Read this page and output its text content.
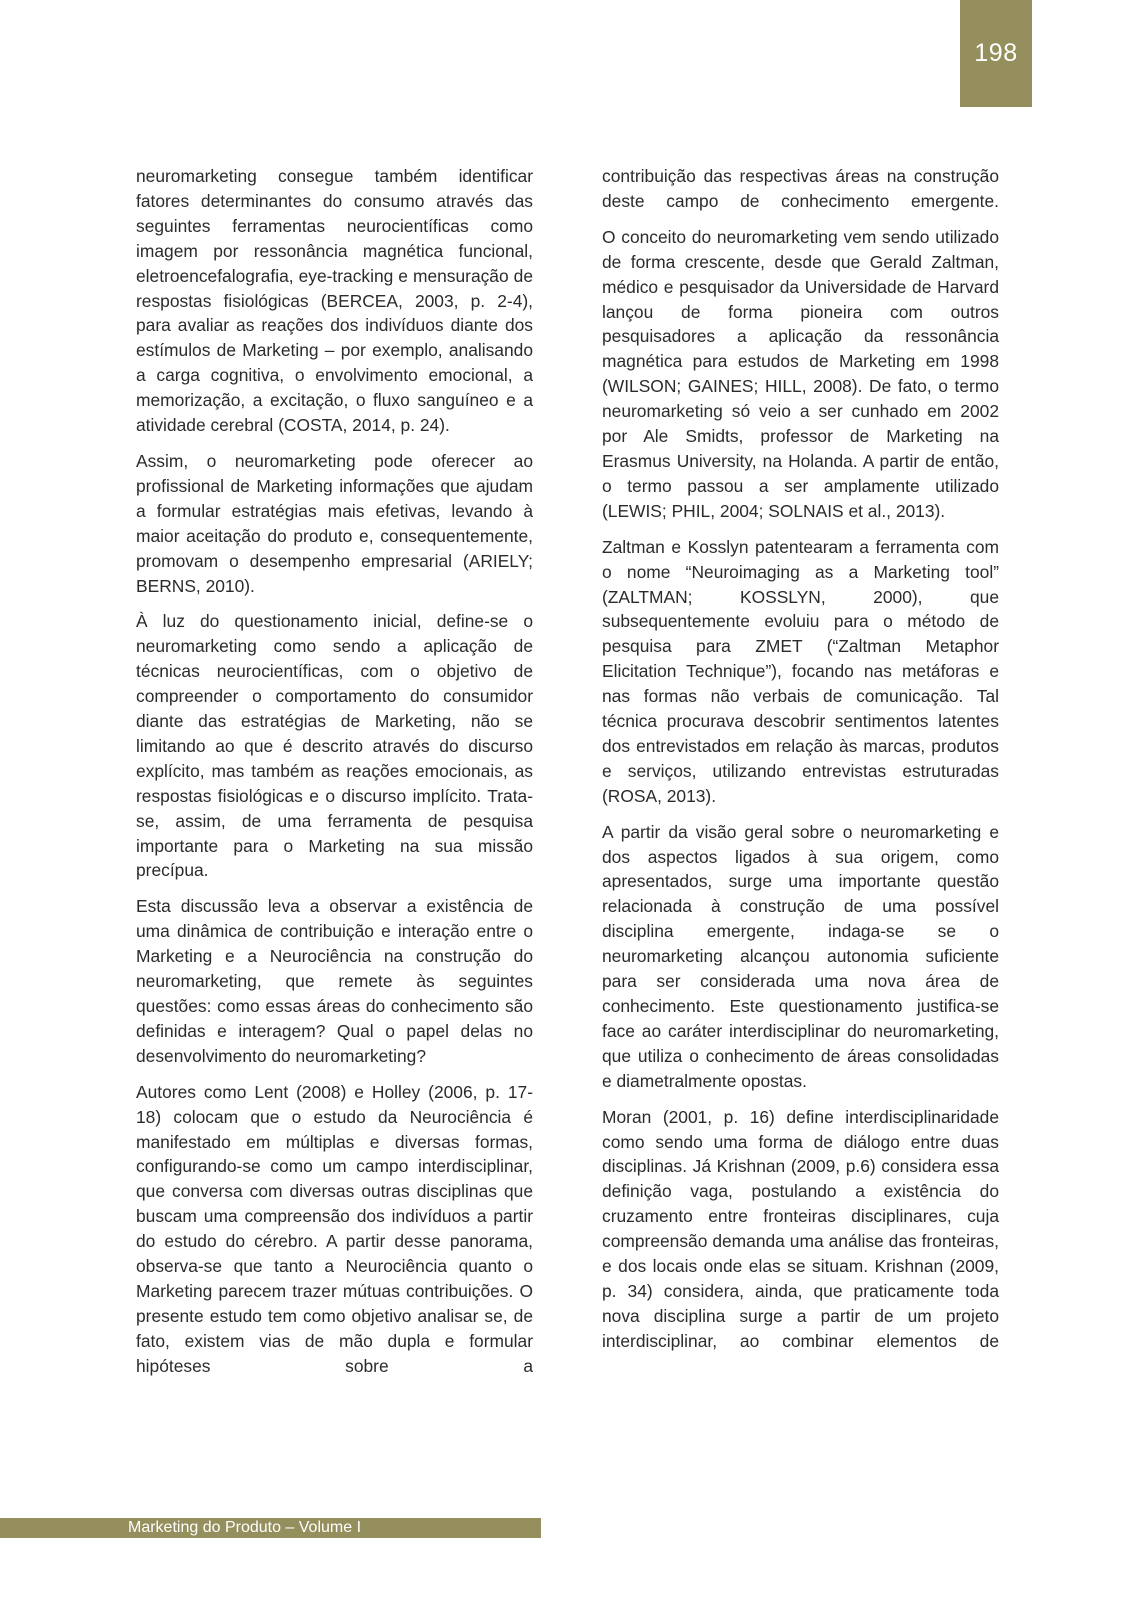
198

neuromarketing consegue também identificar fatores determinantes do consumo através das seguintes ferramentas neurocientíficas como imagem por ressonância magnética funcional, eletroencefalografia, eye-tracking e mensuração de respostas fisiológicas (BERCEA, 2003, p. 2-4), para avaliar as reações dos indivíduos diante dos estímulos de Marketing – por exemplo, analisando a carga cognitiva, o envolvimento emocional, a memorização, a excitação, o fluxo sanguíneo e a atividade cerebral (COSTA, 2014, p. 24).

Assim, o neuromarketing pode oferecer ao profissional de Marketing informações que ajudam a formular estratégias mais efetivas, levando à maior aceitação do produto e, consequentemente, promovam o desempenho empresarial (ARIELY; BERNS, 2010).

À luz do questionamento inicial, define-se o neuromarketing como sendo a aplicação de técnicas neurocientíficas, com o objetivo de compreender o comportamento do consumidor diante das estratégias de Marketing, não se limitando ao que é descrito através do discurso explícito, mas também as reações emocionais, as respostas fisiológicas e o discurso implícito. Trata-se, assim, de uma ferramenta de pesquisa importante para o Marketing na sua missão precípua.

Esta discussão leva a observar a existência de uma dinâmica de contribuição e interação entre o Marketing e a Neurociência na construção do neuromarketing, que remete às seguintes questões: como essas áreas do conhecimento são definidas e interagem? Qual o papel delas no desenvolvimento do neuromarketing?

Autores como Lent (2008) e Holley (2006, p. 17-18) colocam que o estudo da Neurociência é manifestado em múltiplas e diversas formas, configurando-se como um campo interdisciplinar, que conversa com diversas outras disciplinas que buscam uma compreensão dos indivíduos a partir do estudo do cérebro. A partir desse panorama, observa-se que tanto a Neurociência quanto o Marketing parecem trazer mútuas contribuições. O presente estudo tem como objetivo analisar se, de fato, existem vias de mão dupla e formular hipóteses sobre a

contribuição das respectivas áreas na construção deste campo de conhecimento emergente.

O conceito do neuromarketing vem sendo utilizado de forma crescente, desde que Gerald Zaltman, médico e pesquisador da Universidade de Harvard lançou de forma pioneira com outros pesquisadores a aplicação da ressonância magnética para estudos de Marketing em 1998 (WILSON; GAINES; HILL, 2008). De fato, o termo neuromarketing só veio a ser cunhado em 2002 por Ale Smidts, professor de Marketing na Erasmus University, na Holanda. A partir de então, o termo passou a ser amplamente utilizado (LEWIS; PHIL, 2004; SOLNAIS et al., 2013).

Zaltman e Kosslyn patentearam a ferramenta com o nome “Neuroimaging as a Marketing tool” (ZALTMAN; KOSSLYN, 2000), que subsequentemente evoluiu para o método de pesquisa para ZMET (“Zaltman Metaphor Elicitation Technique”), focando nas metáforas e nas formas não verbais de comunicação. Tal técnica procurava descobrir sentimentos latentes dos entrevistados em relação às marcas, produtos e serviços, utilizando entrevistas estruturadas (ROSA, 2013).

A partir da visão geral sobre o neuromarketing e dos aspectos ligados à sua origem, como apresentados, surge uma importante questão relacionada à construção de uma possível disciplina emergente, indaga-se se o neuromarketing alcançou autonomia suficiente para ser considerada uma nova área de conhecimento. Este questionamento justifica-se face ao caráter interdisciplinar do neuromarketing, que utiliza o conhecimento de áreas consolidadas e diametralmente opostas.

Moran (2001, p. 16) define interdisciplinaridade como sendo uma forma de diálogo entre duas disciplinas. Já Krishnan (2009, p.6) considera essa definição vaga, postulando a existência do cruzamento entre fronteiras disciplinares, cuja compreensão demanda uma análise das fronteiras, e dos locais onde elas se situam. Krishnan (2009, p. 34) considera, ainda, que praticamente toda nova disciplina surge a partir de um projeto interdisciplinar, ao combinar elementos de

Marketing do Produto – Volume I
